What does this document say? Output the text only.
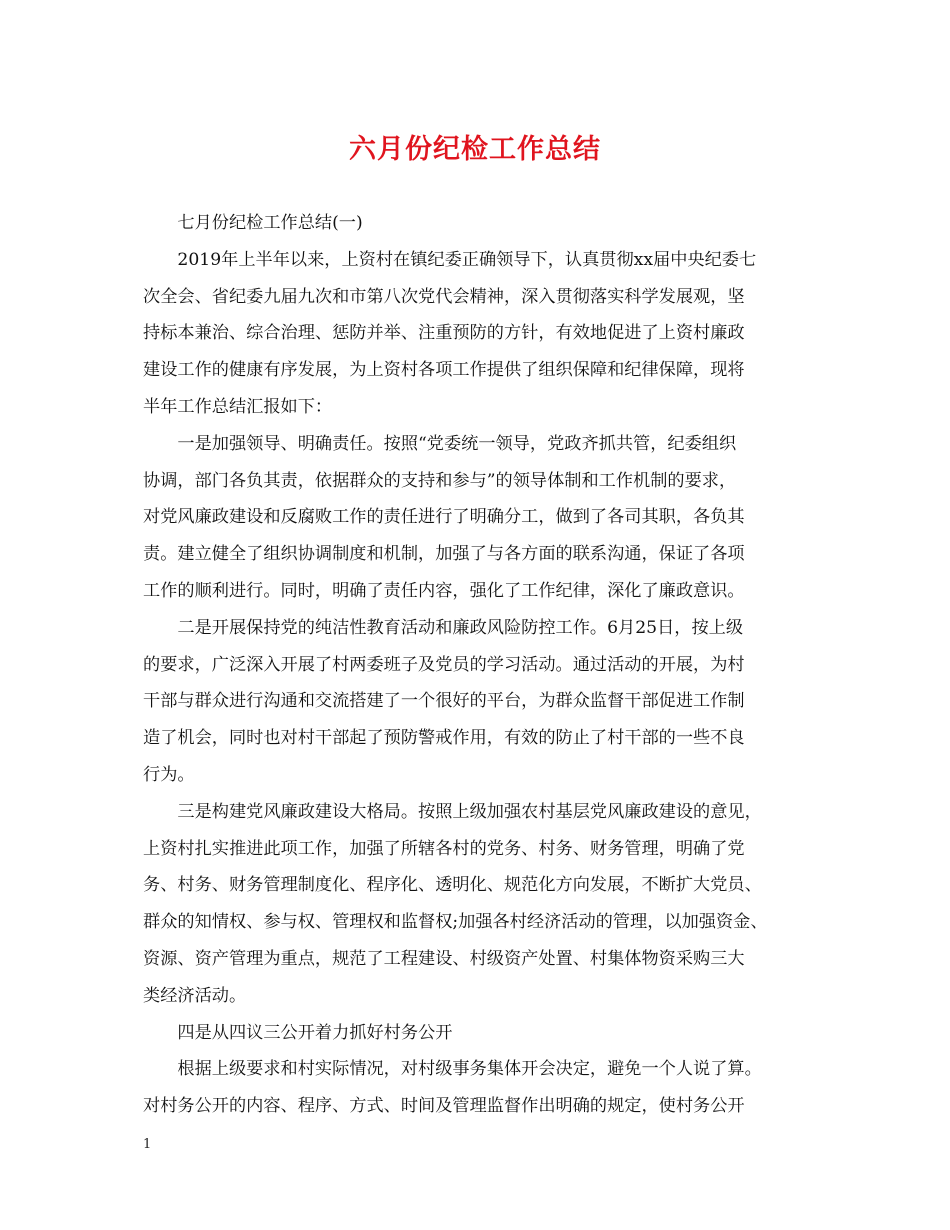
六月份纪检工作总结
七月份纪检工作总结(一)
2019年上半年以来，上资村在镇纪委正确领导下，认真贯彻xx届中央纪委七
次全会、省纪委九届九次和市第八次党代会精神，深入贯彻落实科学发展观，坚
持标本兼治、综合治理、惩防并举、注重预防的方针，有效地促进了上资村廉政
建设工作的健康有序发展，为上资村各项工作提供了组织保障和纪律保障，现将
半年工作总结汇报如下：
一是加强领导、明确责任。按照“党委统一领导，党政齐抓共管，纪委组织
协调，部门各负其责，依据群众的支持和参与”的领导体制和工作机制的要求，
对党风廉政建设和反腐败工作的责任进行了明确分工，做到了各司其职，各负其
责。建立健全了组织协调制度和机制，加强了与各方面的联系沟通，保证了各项
工作的顺利进行。同时，明确了责任内容，强化了工作纪律，深化了廉政意识。
二是开展保持党的纯洁性教育活动和廉政风险防控工作。6月25日，按上级
的要求，广泛深入开展了村两委班子及党员的学习活动。通过活动的开展，为村
干部与群众进行沟通和交流搭建了一个很好的平台，为群众监督干部促进工作制
造了机会，同时也对村干部起了预防警戒作用，有效的防止了村干部的一些不良
行为。
三是构建党风廉政建设大格局。按照上级加强农村基层党风廉政建设的意见，
上资村扎实推进此项工作，加强了所辖各村的党务、村务、财务管理，明确了党
务、村务、财务管理制度化、程序化、透明化、规范化方向发展，不断扩大党员、
群众的知情权、参与权、管理权和监督权;加强各村经济活动的管理，以加强资金、
资源、资产管理为重点，规范了工程建设、村级资产处置、村集体物资采购三大
类经济活动。
四是从四议三公开着力抓好村务公开
根据上级要求和村实际情况，对村级事务集体开会决定，避免一个人说了算。
对村务公开的内容、程序、方式、时间及管理监督作出明确的规定，使村务公开
1
